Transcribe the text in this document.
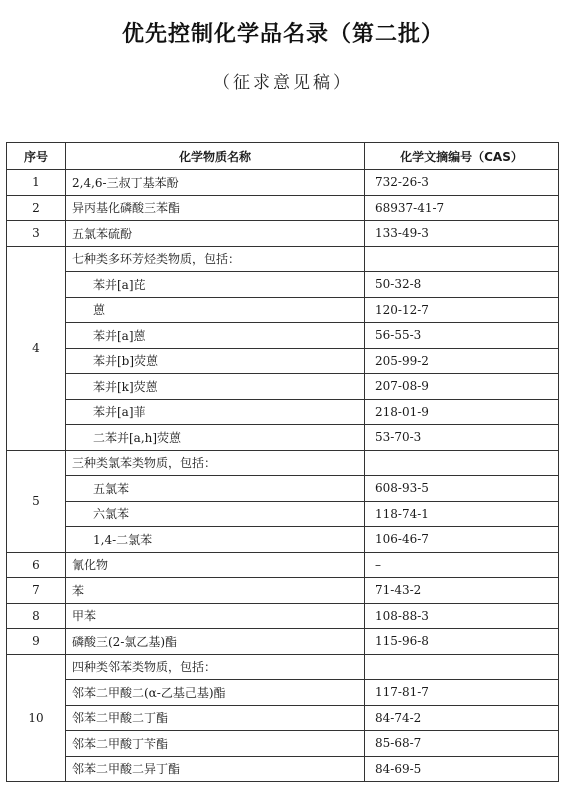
优先控制化学品名录（第二批）
（征求意见稿）
序号	化学物质名称	化学文摘编号（CAS）
1	2,4,6-三叔丁基苯酚	732-26-3
2	异丙基化磷酸三苯酯	68937-41-7
3	五氯苯硫酚	133-49-3
4	七种类多环芳烃类物质，包括：	
	苯并[a]芘	50-32-8
	蒽	120-12-7
	苯并[a]蒽	56-55-3
	苯并[b]荧蒽	205-99-2
	苯并[k]荧蒽	207-08-9
	苯并[a]菲	218-01-9
	二苯并[a,h]荧蒽	53-70-3
5	三种类氯苯类物质，包括：	
	五氯苯	608-93-5
	六氯苯	118-74-1
	1,4-二氯苯	106-46-7
6	氰化物	–
7	苯	71-43-2
8	甲苯	108-88-3
9	磷酸三(2-氯乙基)酯	115-96-8
10	四种类邻苯类物质，包括：	
	邻苯二甲酸二(α-乙基己基)酯	117-81-7
	邻苯二甲酸二丁酯	84-74-2
	邻苯二甲酸丁苄酯	85-68-7
	邻苯二甲酸二异丁酯	84-69-5
